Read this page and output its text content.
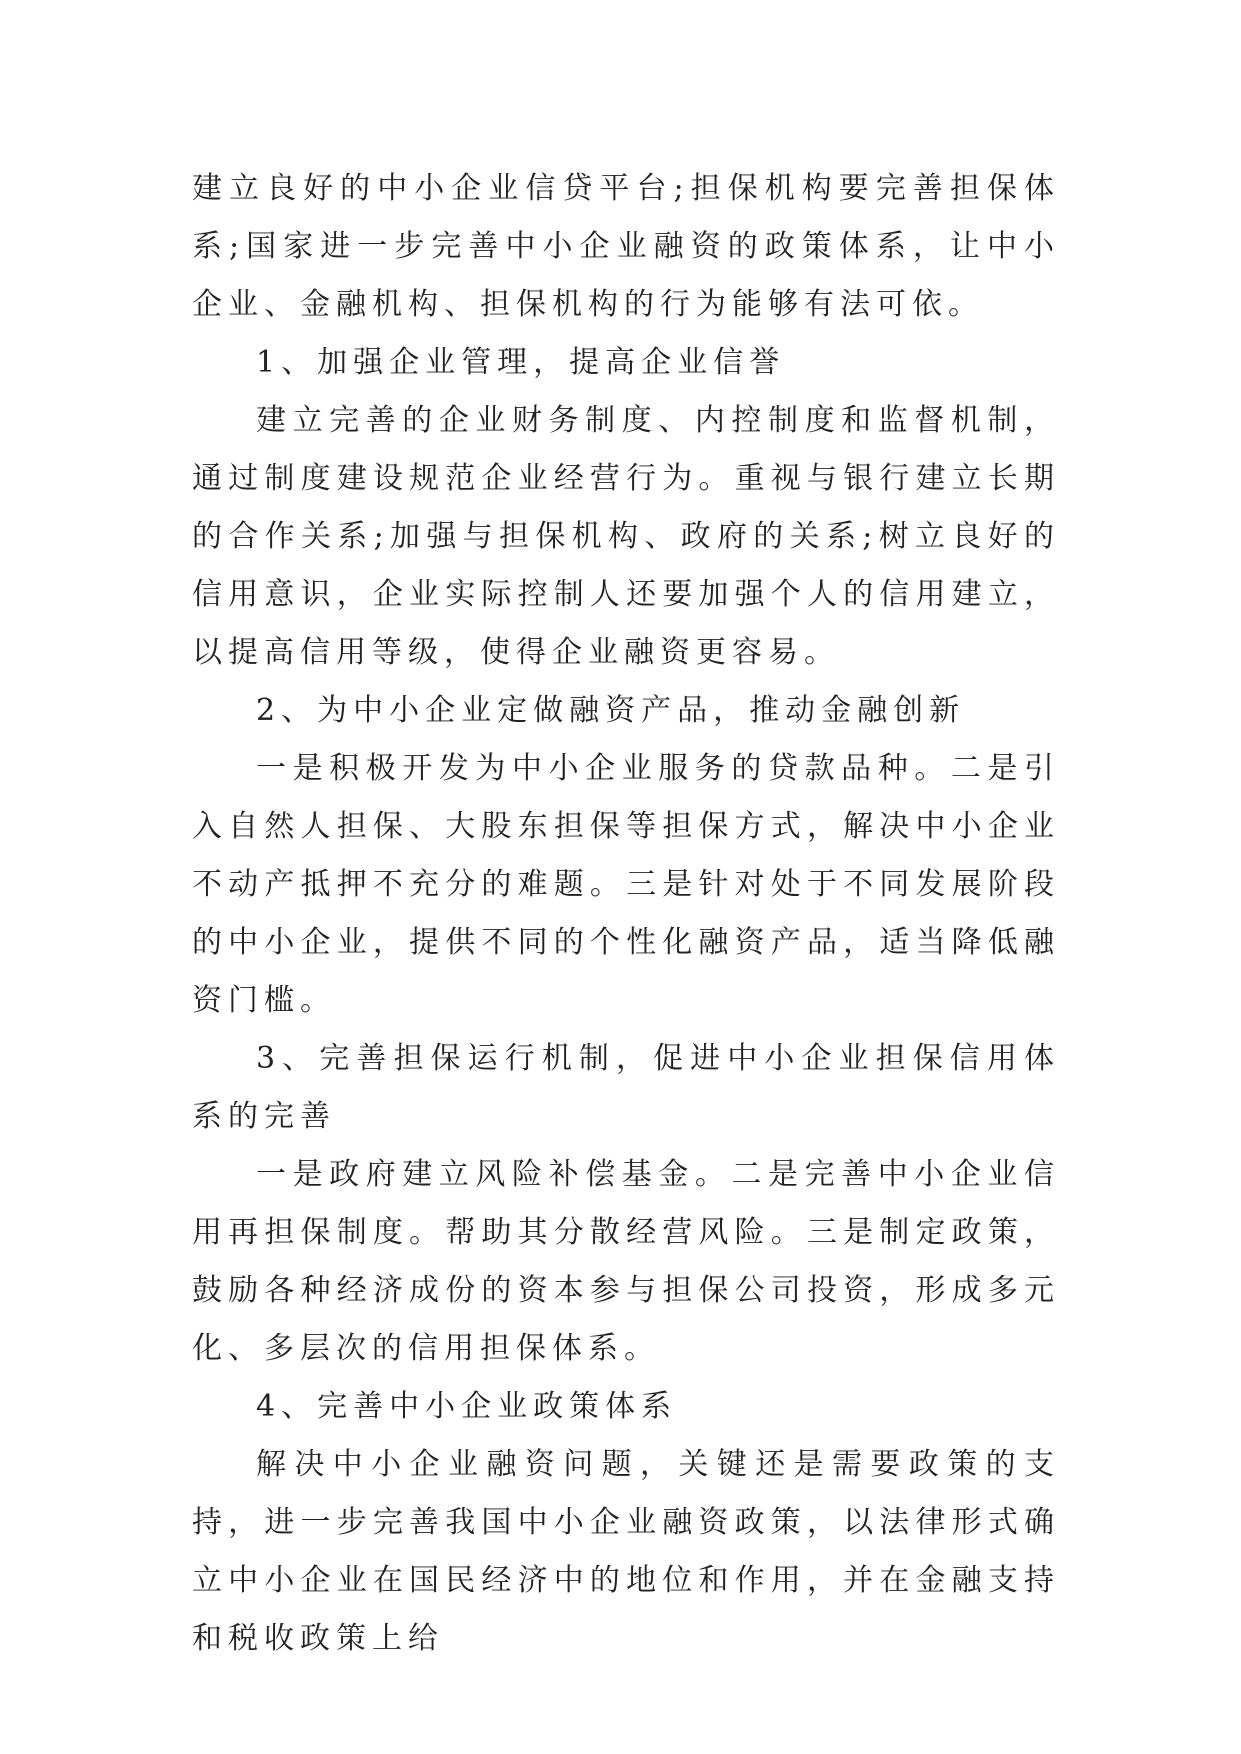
建立良好的中小企业信贷平台;担保机构要完善担保体系;国家进一步完善中小企业融资的政策体系，让中小企业、金融机构、担保机构的行为能够有法可依。

1、加强企业管理，提高企业信誉

建立完善的企业财务制度、内控制度和监督机制，通过制度建设规范企业经营行为。重视与银行建立长期的合作关系;加强与担保机构、政府的关系;树立良好的信用意识，企业实际控制人还要加强个人的信用建立，以提高信用等级，使得企业融资更容易。

2、为中小企业定做融资产品，推动金融创新

一是积极开发为中小企业服务的贷款品种。二是引入自然人担保、大股东担保等担保方式，解决中小企业不动产抵押不充分的难题。三是针对处于不同发展阶段的中小企业，提供不同的个性化融资产品，适当降低融资门槛。

3、完善担保运行机制，促进中小企业担保信用体系的完善

一是政府建立风险补偿基金。二是完善中小企业信用再担保制度。帮助其分散经营风险。三是制定政策，鼓励各种经济成份的资本参与担保公司投资，形成多元化、多层次的信用担保体系。

4、完善中小企业政策体系

解决中小企业融资问题，关键还是需要政策的支持，进一步完善我国中小企业融资政策，以法律形式确立中小企业在国民经济中的地位和作用，并在金融支持和税收政策上给
